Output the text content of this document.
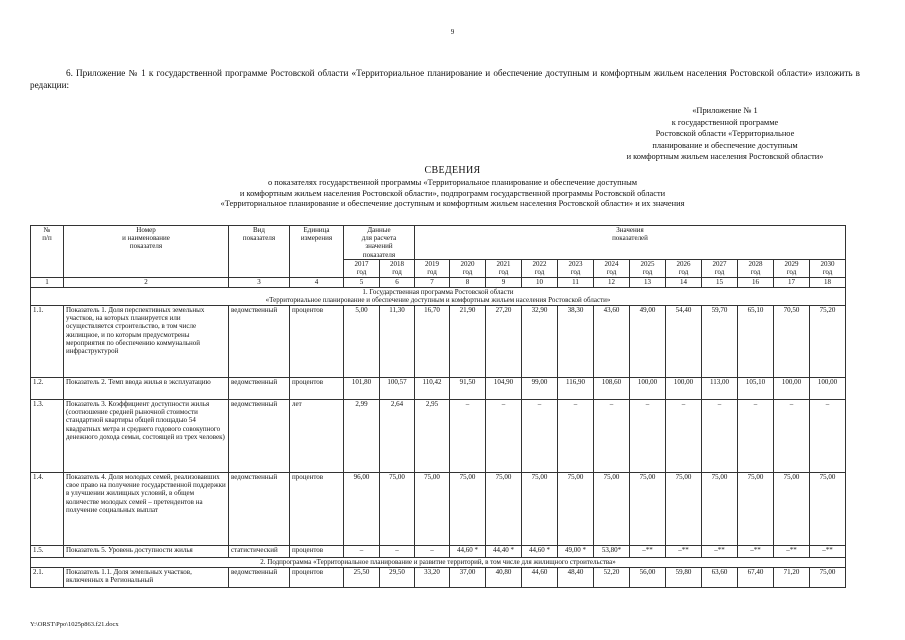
9
6. Приложение № 1 к государственной программе Ростовской области «Территориальное планирование и обеспечение доступным и комфортным жильем населения Ростовской области» изложить в редакции:
«Приложение № 1
к государственной программе
Ростовской области «Территориальное
планирование и обеспечение доступным
и комфортным жильем населения Ростовской области»
СВЕДЕНИЯ
о показателях государственной программы «Территориальное планирование и обеспечение доступным
и комфортным жильем населения Ростовской области», подпрограмм государственной программы Ростовской области
«Территориальное планирование и обеспечение доступным и комфортным жильем населения Ростовской области» и их значения
№
п/п	Номер
и наименование
показателя	Вид
показателя	Единица
измерения	Данные
для расчета
значений
показателя		Значения
показателей											
				2017
год	2018
год	2019
год	2020
год	2021
год	2022
год	2023
год	2024
год	2025
год	2026
год	2027
год	2028
год	2029
год	2030
год
1	2	3	4	5	6	7	8	9	10	11	12	13	14	15	16	17	18
1. Государственная программа Ростовской области
«Территориальное планирование и обеспечение доступным и комфортным жильем населения Ростовской области»																	
1.1.	Показатель 1. Доля перспективных земельных участков, на которых планируется или осуществляется строительство, в том числе жилищное, и по которым предусмотрены мероприятия по обеспечению коммунальной инфраструктурой	ведомственный	процентов	5,00	11,30	16,70	21,90	27,20	32,90	38,30	43,60	49,00	54,40	59,70	65,10	70,50	75,20
1.2.	Показатель 2. Темп ввода жилья в эксплуатацию	ведомственный	процентов	101,80	100,57	110,42	91,50	104,90	99,00	116,90	108,60	100,00	100,00	113,00	105,10	100,00	100,00
1.3.	Показатель 3. Коэффициент доступности жилья (соотношение средней рыночной стоимости стандартной квартиры общей площадью 54 квадратных метра и среднего годового совокупного денежного дохода семьи, состоящей из трех человек)	ведомственный	лет	2,99	2,64	2,95	–	–	–	–	–	–	–	–	–	–	–
1.4.	Показатель 4. Доля молодых семей, реализовавших свое право на получение государственной поддержки в улучшении жилищных условий, в общем количестве молодых семей – претендентов на получение социальных выплат	ведомственный	процентов	96,00	75,00	75,00	75,00	75,00	75,00	75,00	75,00	75,00	75,00	75,00	75,00	75,00	75,00
1.5.	Показатель 5. Уровень доступности жилья	статистический	процентов	–	–	–	44,60 *	44,40 *	44,60 *	49,00 *	53,80*	–**	–**	–**	–**	–**	–**
2. Подпрограмма «Территориальное планирование и развитие территорий, в том числе для жилищного строительства»																	
2.1.	Показатель 1.1. Доля земельных участков, включенных в Региональный	ведомственный	процентов	25,50	29,50	33,20	37,00	40,80	44,60	48,40	52,20	56,00	59,80	63,60	67,40	71,20	75,00
Y:\ORST\Ppo\1025p863.f21.docx
